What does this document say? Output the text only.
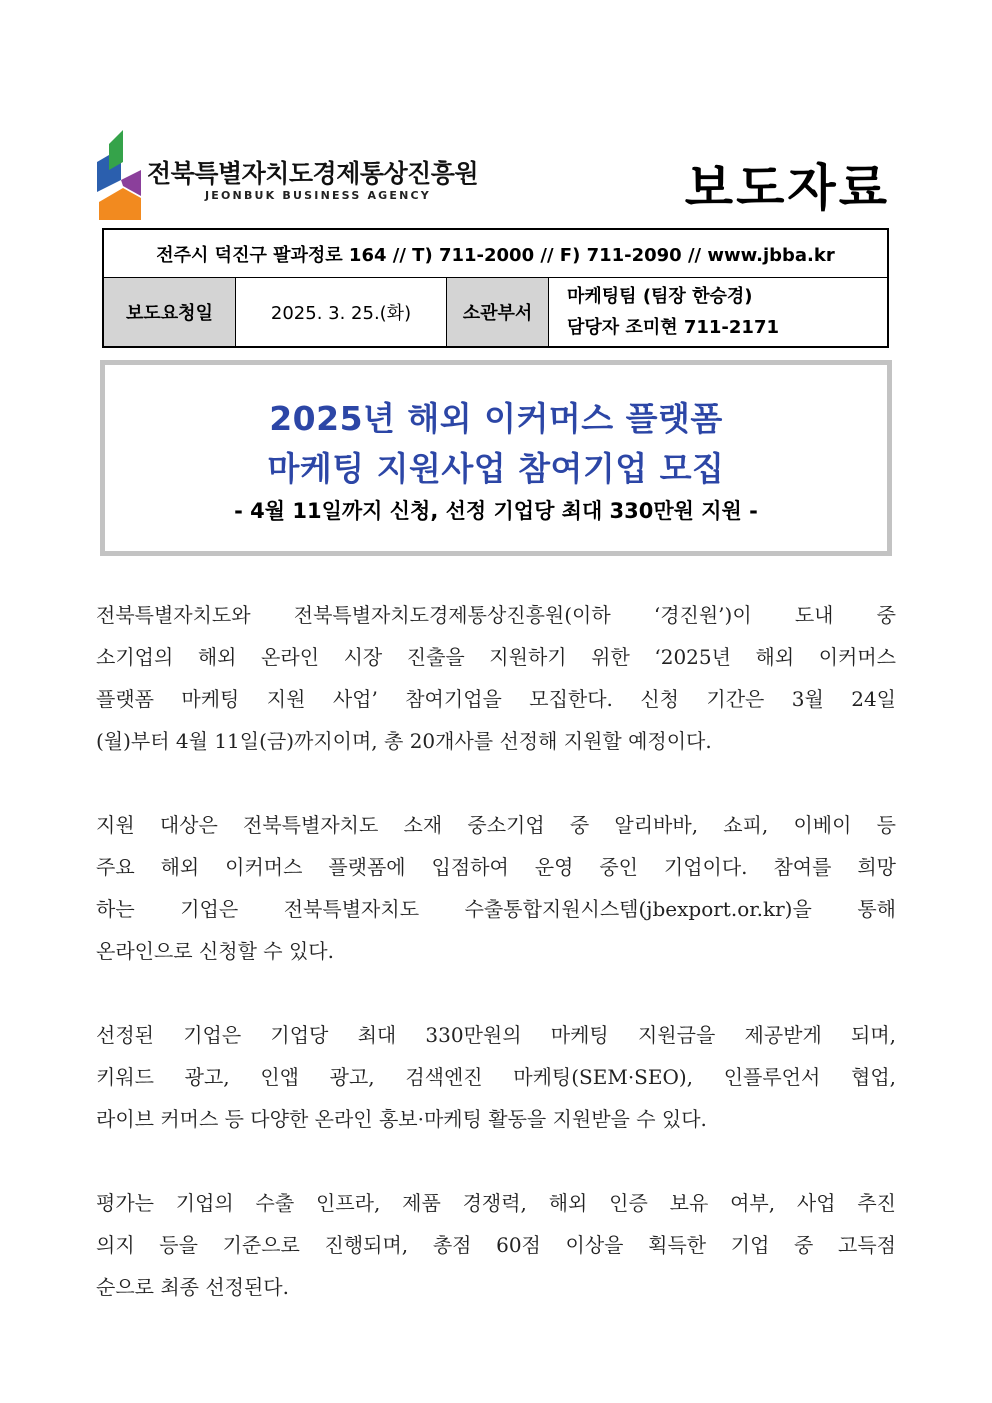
전북특별자치도경제통상진흥원
JEONBUK BUSINESS AGENCY	보도자료
전주시 덕진구 팔과정로 164 // T) 711-2000 // F) 711-2090 // www.jbba.kr
보도요청일	2025. 3. 25.(화)	소관부서
마케팅팀 (팀장 한승경)
담당자 조미현 711-2171
2025년 해외 이커머스 플랫폼
마케팅 지원사업 참여기업 모집
- 4월 11일까지 신청, 선정 기업당 최대 330만원 지원 -
전북특별자치도와 전북특별자치도경제통상진흥원(이하 ‘경진원’)이 도내 중
소기업의 해외 온라인 시장 진출을 지원하기 위한 ‘2025년 해외 이커머스
플랫폼 마케팅 지원 사업’ 참여기업을 모집한다. 신청 기간은 3월 24일
(월)부터 4월 11일(금)까지이며, 총 20개사를 선정해 지원할 예정이다.
지원 대상은 전북특별자치도 소재 중소기업 중 알리바바, 쇼피, 이베이 등
주요 해외 이커머스 플랫폼에 입점하여 운영 중인 기업이다. 참여를 희망
하는 기업은 전북특별자치도 수출통합지원시스템(jbexport.or.kr)을 통해
온라인으로 신청할 수 있다.
선정된 기업은 기업당 최대 330만원의 마케팅 지원금을 제공받게 되며,
키워드 광고, 인앱 광고, 검색엔진 마케팅(SEM·SEO), 인플루언서 협업,
라이브 커머스 등 다양한 온라인 홍보·마케팅 활동을 지원받을 수 있다.
평가는 기업의 수출 인프라, 제품 경쟁력, 해외 인증 보유 여부, 사업 추진
의지 등을 기준으로 진행되며, 총점 60점 이상을 획득한 기업 중 고득점
순으로 최종 선정된다.
